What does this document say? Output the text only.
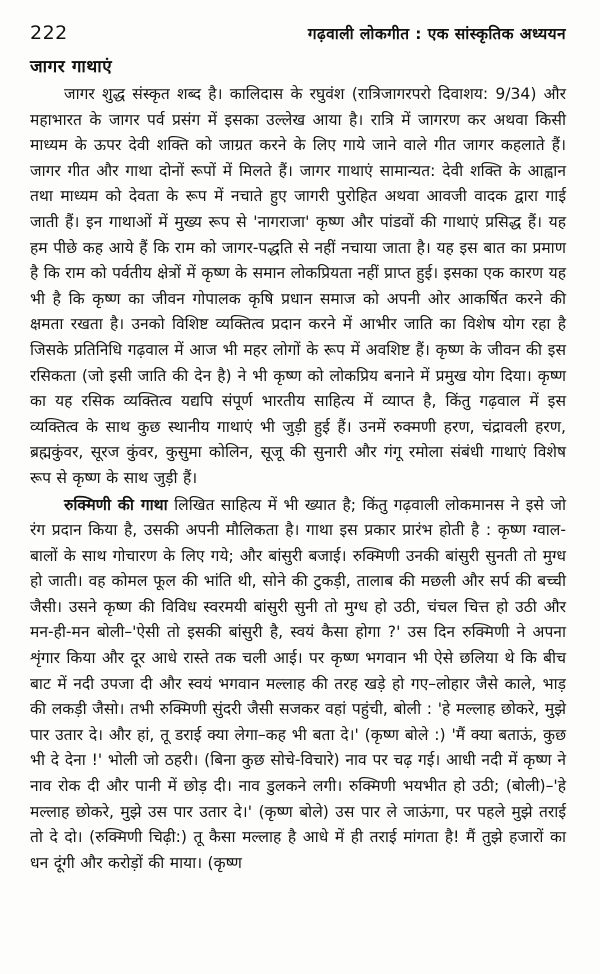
222	गढ़वाली लोकगीत : एक सांस्कृतिक अध्ययन
जागर गाथाएं

जागर शुद्ध संस्कृत शब्द है। कालिदास के रघुवंश (रात्रिजागरपरो दिवाशय: 9/34) और महाभारत के जागर पर्व प्रसंग में इसका उल्लेख आया है। रात्रि में जागरण कर अथवा किसी माध्यम के ऊपर देवी शक्ति को जाग्रत करने के लिए गाये जाने वाले गीत जागर कहलाते हैं। जागर गीत और गाथा दोनों रूपों में मिलते हैं। जागर गाथाएं सामान्यत: देवी शक्ति के आह्वान तथा माध्यम को देवता के रूप में नचाते हुए जागरी पुरोहित अथवा आवजी वादक द्वारा गाई जाती हैं। इन गाथाओं में मुख्य रूप से 'नागराजा' कृष्ण और पांडवों की गाथाएं प्रसिद्ध हैं। यह हम पीछे कह आये हैं कि राम को जागर-पद्धति से नहीं नचाया जाता है। यह इस बात का प्रमाण है कि राम को पर्वतीय क्षेत्रों में कृष्ण के समान लोकप्रियता नहीं प्राप्त हुई। इसका एक कारण यह भी है कि कृष्ण का जीवन गोपालक कृषि प्रधान समाज को अपनी ओर आकर्षित करने की क्षमता रखता है। उनको विशिष्ट व्यक्तित्व प्रदान करने में आभीर जाति का विशेष योग रहा है जिसके प्रतिनिधि गढ़वाल में आज भी महर लोगों के रूप में अवशिष्ट हैं। कृष्ण के जीवन की इस रसिकता (जो इसी जाति की देन है) ने भी कृष्ण को लोकप्रिय बनाने में प्रमुख योग दिया। कृष्ण का यह रसिक व्यक्तित्व यद्यपि संपूर्ण भारतीय साहित्य में व्याप्त है, किंतु गढ़वाल में इस व्यक्तित्व के साथ कुछ स्थानीय गाथाएं भी जुड़ी हुई हैं। उनमें रुक्मणी हरण, चंद्रावली हरण, ब्रह्मकुंवर, सूरज कुंवर, कुसुमा कोलिन, सूजू की सुनारी और गंगू रमोला संबंधी गाथाएं विशेष रूप से कृष्ण के साथ जुड़ी हैं।

रुक्मिणी की गाथा लिखित साहित्य में भी ख्यात है; किंतु गढ़वाली लोकमानस ने इसे जो रंग प्रदान किया है, उसकी अपनी मौलिकता है। गाथा इस प्रकार प्रारंभ होती है : कृष्ण ग्वाल-बालों के साथ गोचारण के लिए गये; और बांसुरी बजाई। रुक्मिणी उनकी बांसुरी सुनती तो मुग्ध हो जाती। वह कोमल फूल की भांति थी, सोने की टुकड़ी, तालाब की मछली और सर्प की बच्ची जैसी। उसने कृष्ण की विविध स्वरमयी बांसुरी सुनी तो मुग्ध हो उठी, चंचल चित्त हो उठी और मन-ही-मन बोली–'ऐसी तो इसकी बांसुरी है, स्वयं कैसा होगा ?' उस दिन रुक्मिणी ने अपना शृंगार किया और दूर आधे रास्ते तक चली आई। पर कृष्ण भगवान भी ऐसे छलिया थे कि बीच बाट में नदी उपजा दी और स्वयं भगवान मल्लाह की तरह खड़े हो गए–लोहार जैसे काले, भाड़ की लकड़ी जैसो। तभी रुक्मिणी सुंदरी जैसी सजकर वहां पहुंची, बोली : 'हे मल्लाह छोकरे, मुझे पार उतार दे। और हां, तू डराई क्या लेगा–कह भी बता दे।' (कृष्ण बोले :) 'मैं क्या बताऊं, कुछ भी दे देना !' भोली जो ठहरी। (बिना कुछ सोचे-विचारे) नाव पर चढ़ गई। आधी नदी में कृष्ण ने नाव रोक दी और पानी में छोड़ दी। नाव डुलकने लगी। रुक्मिणी भयभीत हो उठी; (बोली)–'हे मल्लाह छोकरे, मुझे उस पार उतार दे।' (कृष्ण बोले) उस पार ले जाऊंगा, पर पहले मुझे तराई तो दे दो। (रुक्मिणी चिढ़ी:) तू कैसा मल्लाह है आधे में ही तराई मांगता है! मैं तुझे हजारों का धन दूंगी और करोड़ों की माया। (कृष्ण
